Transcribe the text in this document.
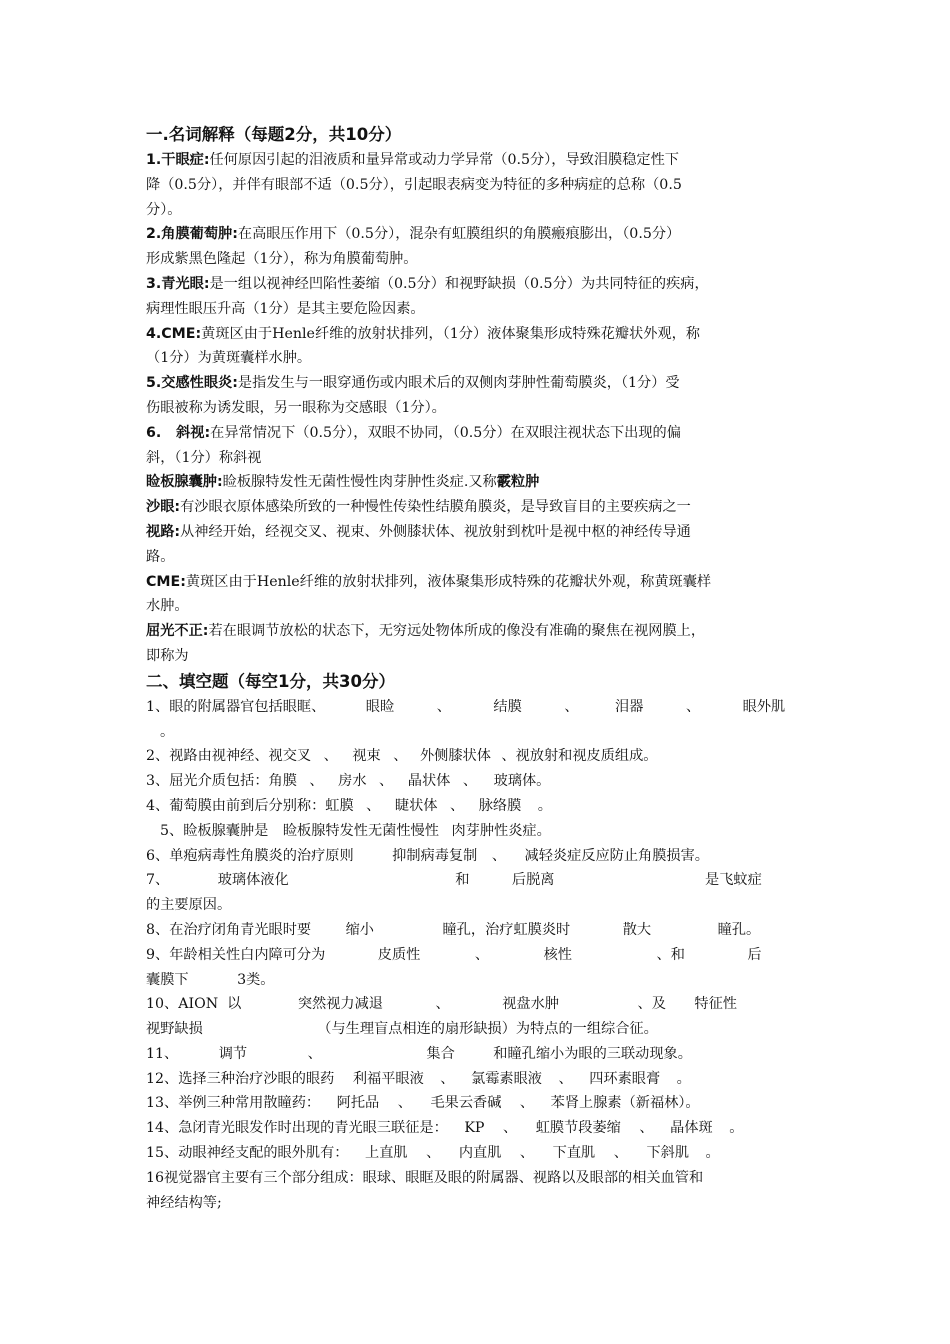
一.名词解释（每题2分，共10分）
1.干眼症:任何原因引起的泪液质和量异常或动力学异常（0.5分），导致泪膜稳定性下
降（0.5分），并伴有眼部不适（0.5分），引起眼表病变为特征的多种病症的总称（0.5
分）。
2.角膜葡萄肿:在高眼压作用下（0.5分），混杂有虹膜组织的角膜瘢痕膨出，（0.5分）
形成紫黑色隆起（1分），称为角膜葡萄肿。
3.青光眼:是一组以视神经凹陷性萎缩（0.5分）和视野缺损（0.5分）为共同特征的疾病，
病理性眼压升高（1分）是其主要危险因素。
4.CME:黄斑区由于Henle纤维的放射状排列，（1分）液体聚集形成特殊花瓣状外观，称
（1分）为黄斑囊样水肿。
5.交感性眼炎:是指发生与一眼穿通伤或内眼术后的双侧肉芽肿性葡萄膜炎，（1分）受
伤眼被称为诱发眼，另一眼称为交感眼（1分）。
6.   斜视:在异常情况下（0.5分），双眼不协同，（0.5分）在双眼注视状态下出现的偏
斜，（1分）称斜视
睑板腺囊肿:睑板腺特发性无菌性慢性肉芽肿性炎症.又称霰粒肿
沙眼:有沙眼衣原体感染所致的一种慢性传染性结膜角膜炎，是导致盲目的主要疾病之一
视路:从神经开始，经视交叉、视束、外侧膝状体、视放射到枕叶是视中枢的神经传导通
路。
CME:黄斑区由于Henle纤维的放射状排列，液体聚集形成特殊的花瓣状外观，称黄斑囊样
水肿。
屈光不正:若在眼调节放松的状态下，无穷远处物体所成的像没有准确的聚焦在视网膜上，
即称为
二、填空题（每空1分，共30分）
1、眼的附属器官包括眼眶、	眼睑	、	结膜	、	泪器	、	眼外肌
。
2、视路由视神经、视交叉 、 视束 、 外侧膝状体 、视放射和视皮质组成。
3、屈光介质包括：角膜 、 房水 、 晶状体 、 玻璃体。
4、葡萄膜由前到后分别称：虹膜 、 睫状体 、 脉络膜 。
5、睑板腺囊肿是 睑板腺特发性无菌性慢性 肉芽肿性炎症。
6、单疱病毒性角膜炎的治疗原则	抑制病毒复制 、 减轻炎症反应防止角膜损害。
7、	玻璃体液化	和	后脱离	是飞蚊症
的主要原因。
8、在治疗闭角青光眼时要 缩小	瞳孔，治疗虹膜炎时	散大	瞳孔。
9、年龄相关性白内障可分为	皮质性	、	核性	、和	后
囊膜下	3类。
10、AION  以	突然视力减退	、	视盘水肿	、及 特征性
视野缺损	（与生理盲点相连的扇形缺损）为特点的一组综合征。
11、	调节	、	集合	和瞳孔缩小为眼的三联动现象。
12、选择三种治疗沙眼的眼药 利福平眼液 、 氯霉素眼液 、 四环素眼膏 。
13、举例三种常用散瞳药： 阿托品 、 毛果云香碱 、 苯肾上腺素（新福林）。
14、急闭青光眼发作时出现的青光眼三联征是： KP 、 虹膜节段萎缩 、 晶体斑 。
15、动眼神经支配的眼外肌有： 上直肌 、 内直肌 、 下直肌 、 下斜肌 。
16视觉器官主要有三个部分组成：眼球、眼眶及眼的附属器、视路以及眼部的相关血管和
神经结构等;
